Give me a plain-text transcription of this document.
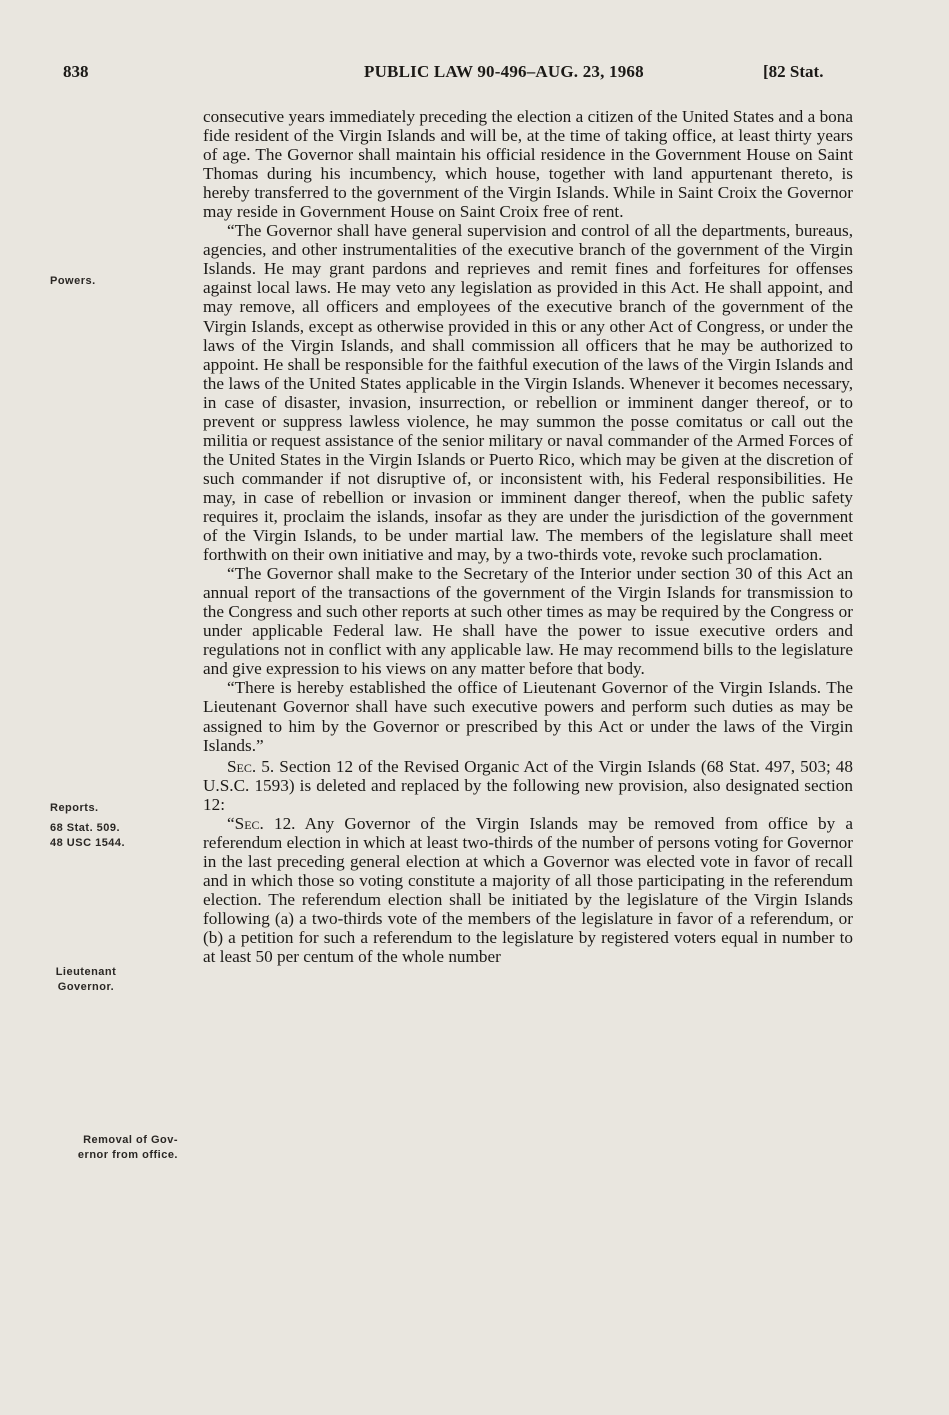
838	PUBLIC LAW 90-496–AUG. 23, 1968	[82 Stat.
Powers.
Reports.
68 Stat. 509.
48 USC 1544.
Lieutenant
Governor.
Removal of Gov-
ernor from office.

consecutive years immediately preceding the election a citizen of the United States and a bona fide resident of the Virgin Islands and will be, at the time of taking office, at least thirty years of age. The Governor shall maintain his official residence in the Government House on Saint Thomas during his incumbency, which house, together with land appurtenant thereto, is hereby transferred to the government of the Virgin Islands. While in Saint Croix the Governor may reside in Government House on Saint Croix free of rent.

“The Governor shall have general supervision and control of all the departments, bureaus, agencies, and other instrumentalities of the executive branch of the government of the Virgin Islands. He may grant pardons and reprieves and remit fines and forfeitures for offenses against local laws. He may veto any legislation as provided in this Act. He shall appoint, and may remove, all officers and employees of the executive branch of the government of the Virgin Islands, except as otherwise provided in this or any other Act of Congress, or under the laws of the Virgin Islands, and shall commission all officers that he may be authorized to appoint. He shall be responsible for the faithful execution of the laws of the Virgin Islands and the laws of the United States applicable in the Virgin Islands. Whenever it becomes necessary, in case of disaster, invasion, insurrection, or rebellion or imminent danger thereof, or to prevent or suppress lawless violence, he may summon the posse comitatus or call out the militia or request assistance of the senior military or naval commander of the Armed Forces of the United States in the Virgin Islands or Puerto Rico, which may be given at the discretion of such commander if not disruptive of, or inconsistent with, his Federal responsibilities. He may, in case of rebellion or invasion or imminent danger thereof, when the public safety requires it, proclaim the islands, insofar as they are under the jurisdiction of the government of the Virgin Islands, to be under martial law. The members of the legislature shall meet forthwith on their own initiative and may, by a two-thirds vote, revoke such proclamation.

“The Governor shall make to the Secretary of the Interior under section 30 of this Act an annual report of the transactions of the government of the Virgin Islands for transmission to the Congress and such other reports at such other times as may be required by the Congress or under applicable Federal law. He shall have the power to issue executive orders and regulations not in conflict with any applicable law. He may recommend bills to the legislature and give expression to his views on any matter before that body.

“There is hereby established the office of Lieutenant Governor of the Virgin Islands. The Lieutenant Governor shall have such executive powers and perform such duties as may be assigned to him by the Governor or prescribed by this Act or under the laws of the Virgin Islands.”

Sec. 5. Section 12 of the Revised Organic Act of the Virgin Islands (68 Stat. 497, 503; 48 U.S.C. 1593) is deleted and replaced by the following new provision, also designated section 12:

“Sec. 12. Any Governor of the Virgin Islands may be removed from office by a referendum election in which at least two-thirds of the number of persons voting for Governor in the last preceding general election at which a Governor was elected vote in favor of recall and in which those so voting constitute a majority of all those participating in the referendum election. The referendum election shall be initiated by the legislature of the Virgin Islands following (a) a two-thirds vote of the members of the legislature in favor of a referendum, or (b) a petition for such a referendum to the legislature by registered voters equal in number to at least 50 per centum of the whole number
